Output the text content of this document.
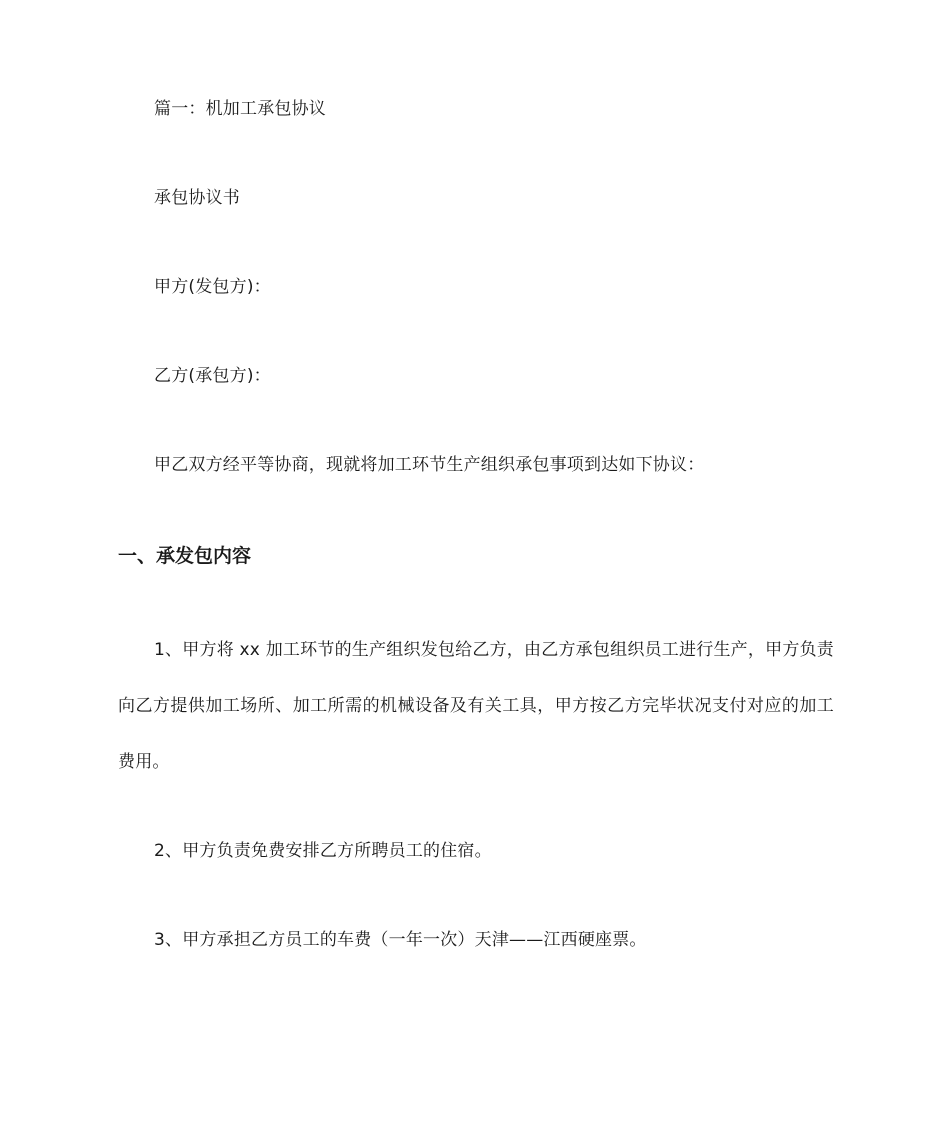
篇一：机加工承包协议
承包协议书
甲方(发包方)：
乙方(承包方)：
甲乙双方经平等协商，现就将加工环节生产组织承包事项到达如下协议：
一、承发包内容
1、甲方将 xx 加工环节的生产组织发包给乙方，由乙方承包组织员工进行生产，甲方负责向乙方提供加工场所、加工所需的机械设备及有关工具，甲方按乙方完毕状况支付对应的加工费用。
2、甲方负责免费安排乙方所聘员工的住宿。
3、甲方承担乙方员工的车费（一年一次）天津——江西硬座票。
